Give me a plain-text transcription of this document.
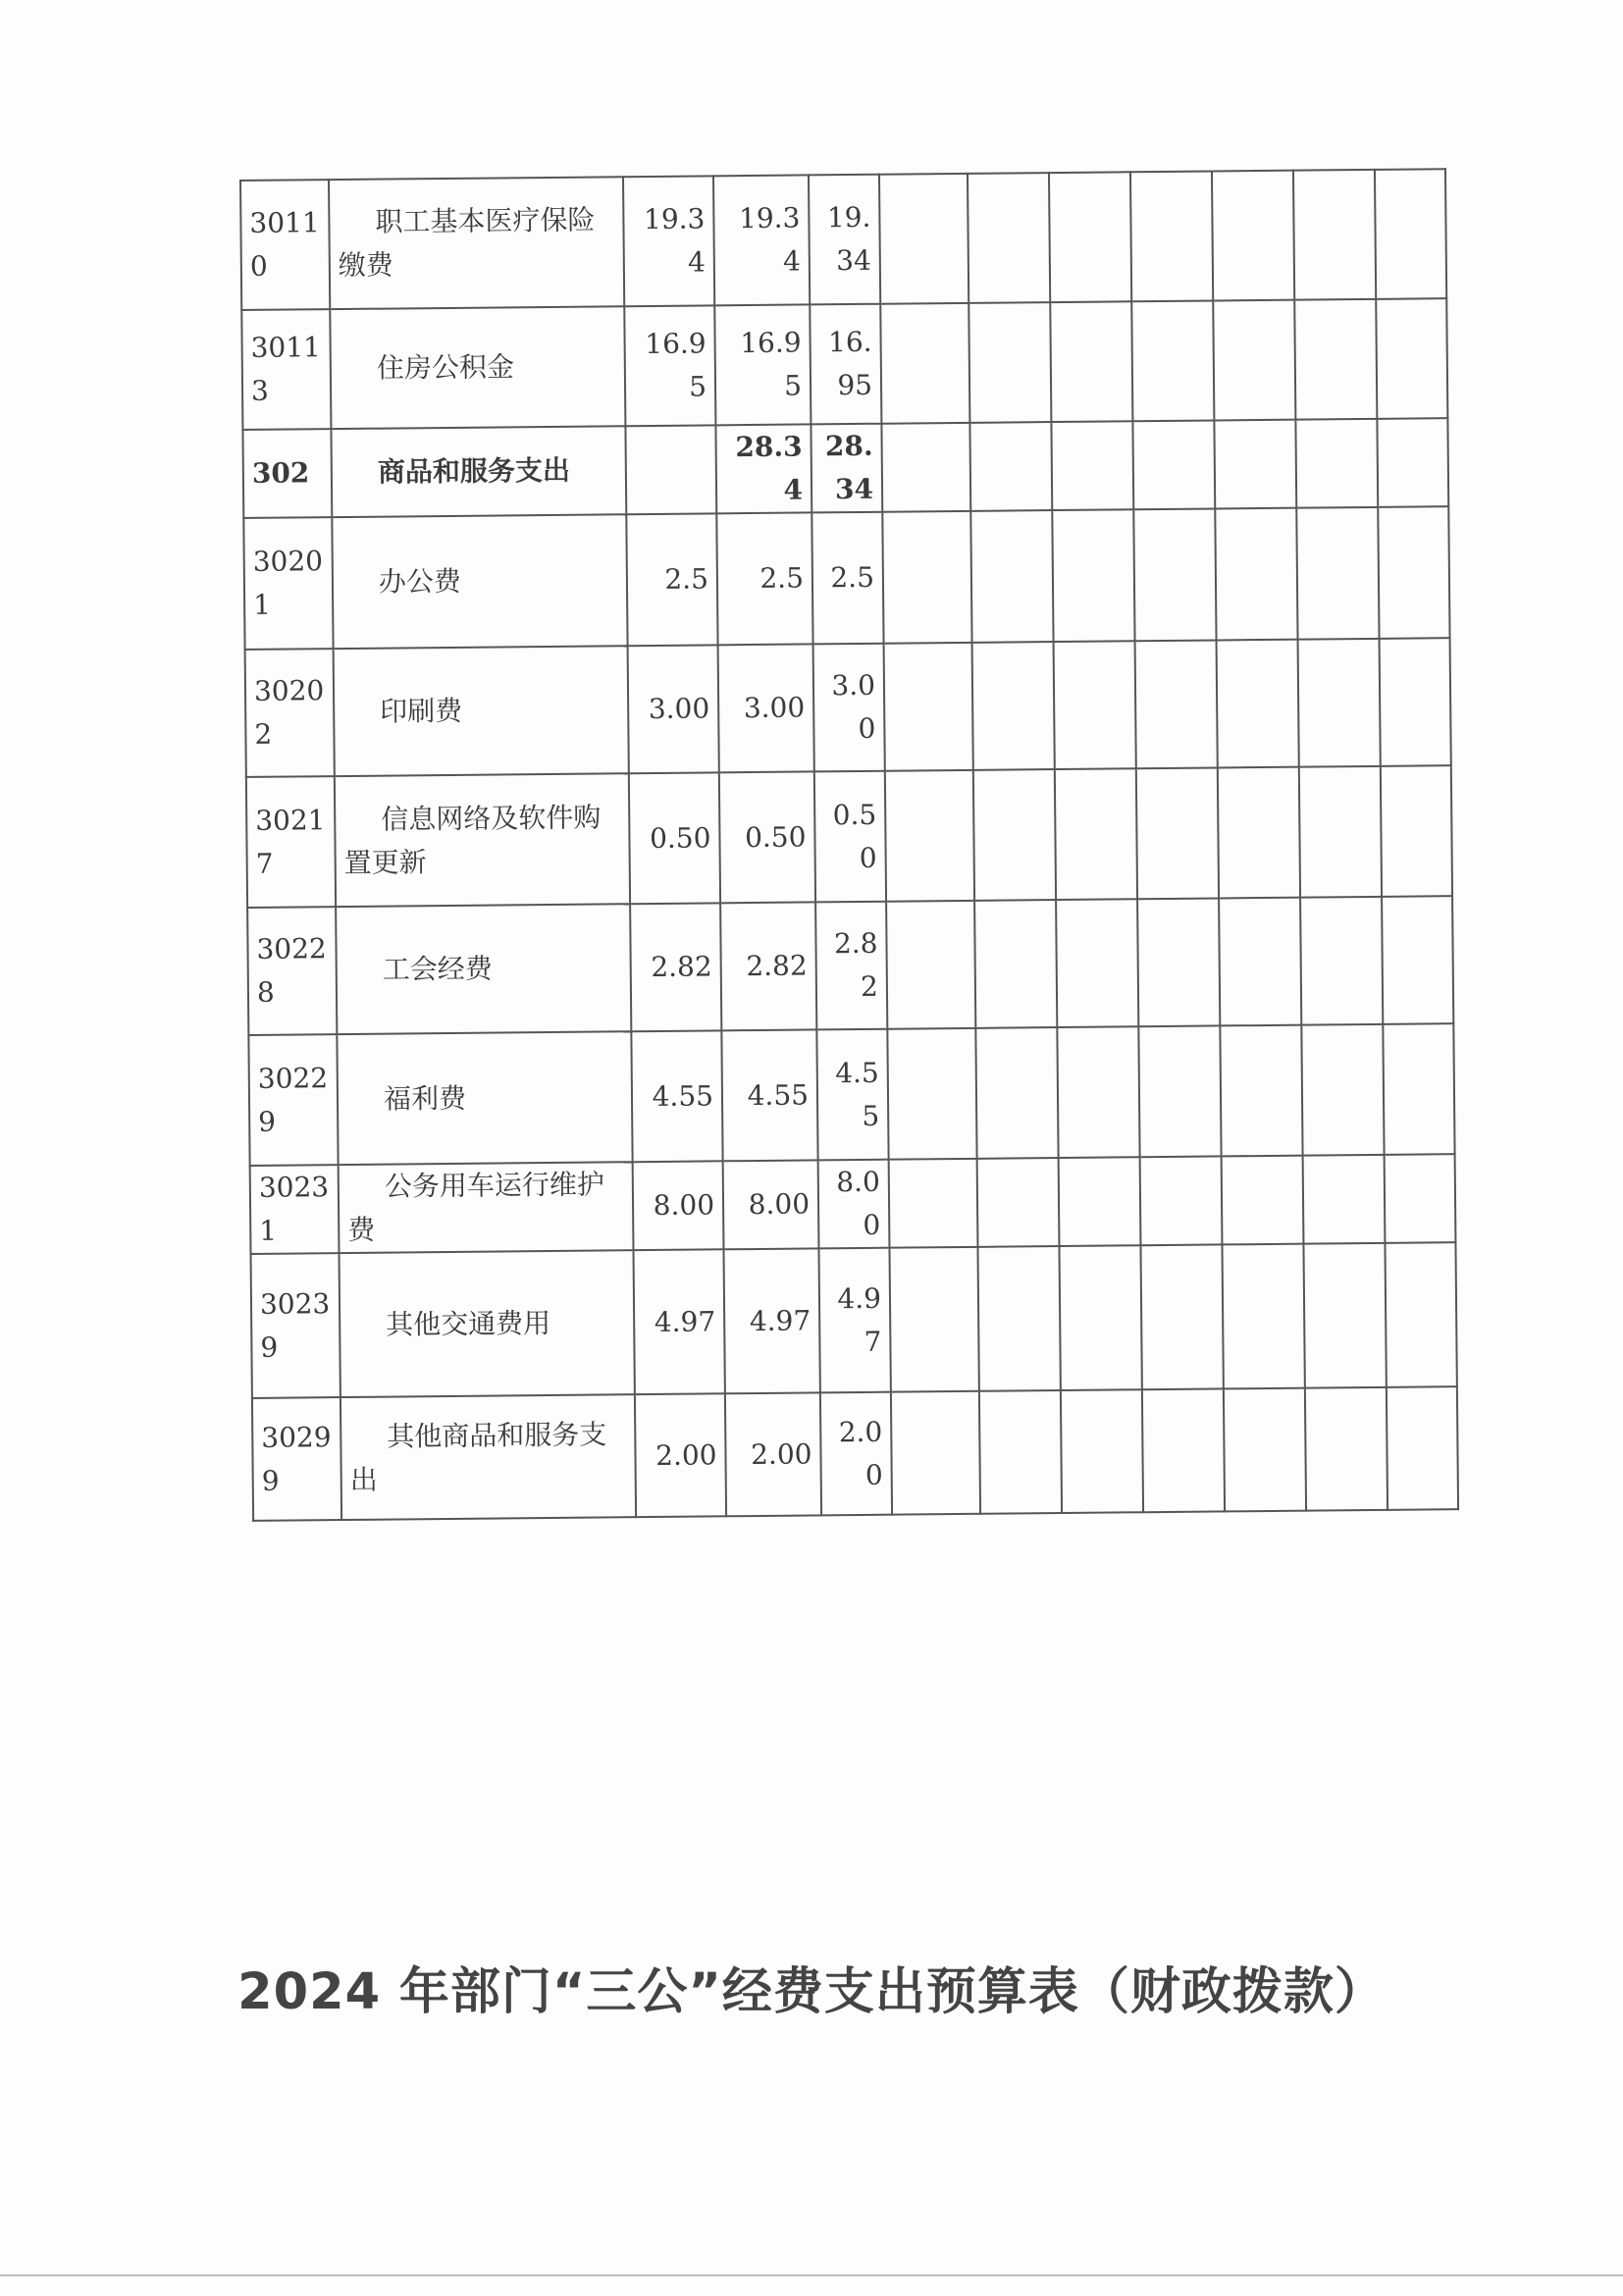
30110	职工基本医疗保险缴费	19.34	19.34	19.34							
30113	住房公积金	16.95	16.95	16.95							
302	商品和服务支出		28.34	28.34							
30201	办公费	2.5	2.5	2.5							
30202	印刷费	3.00	3.00	3.00							
30217	信息网络及软件购置更新	0.50	0.50	0.50							
30228	工会经费	2.82	2.82	2.82							
30229	福利费	4.55	4.55	4.55							
30231	公务用车运行维护费	8.00	8.00	8.00							
30239	其他交通费用	4.97	4.97	4.97							
30299	其他商品和服务支出	2.00	2.00	2.00							
2024 年部门“三公”经费支出预算表（财政拨款）
